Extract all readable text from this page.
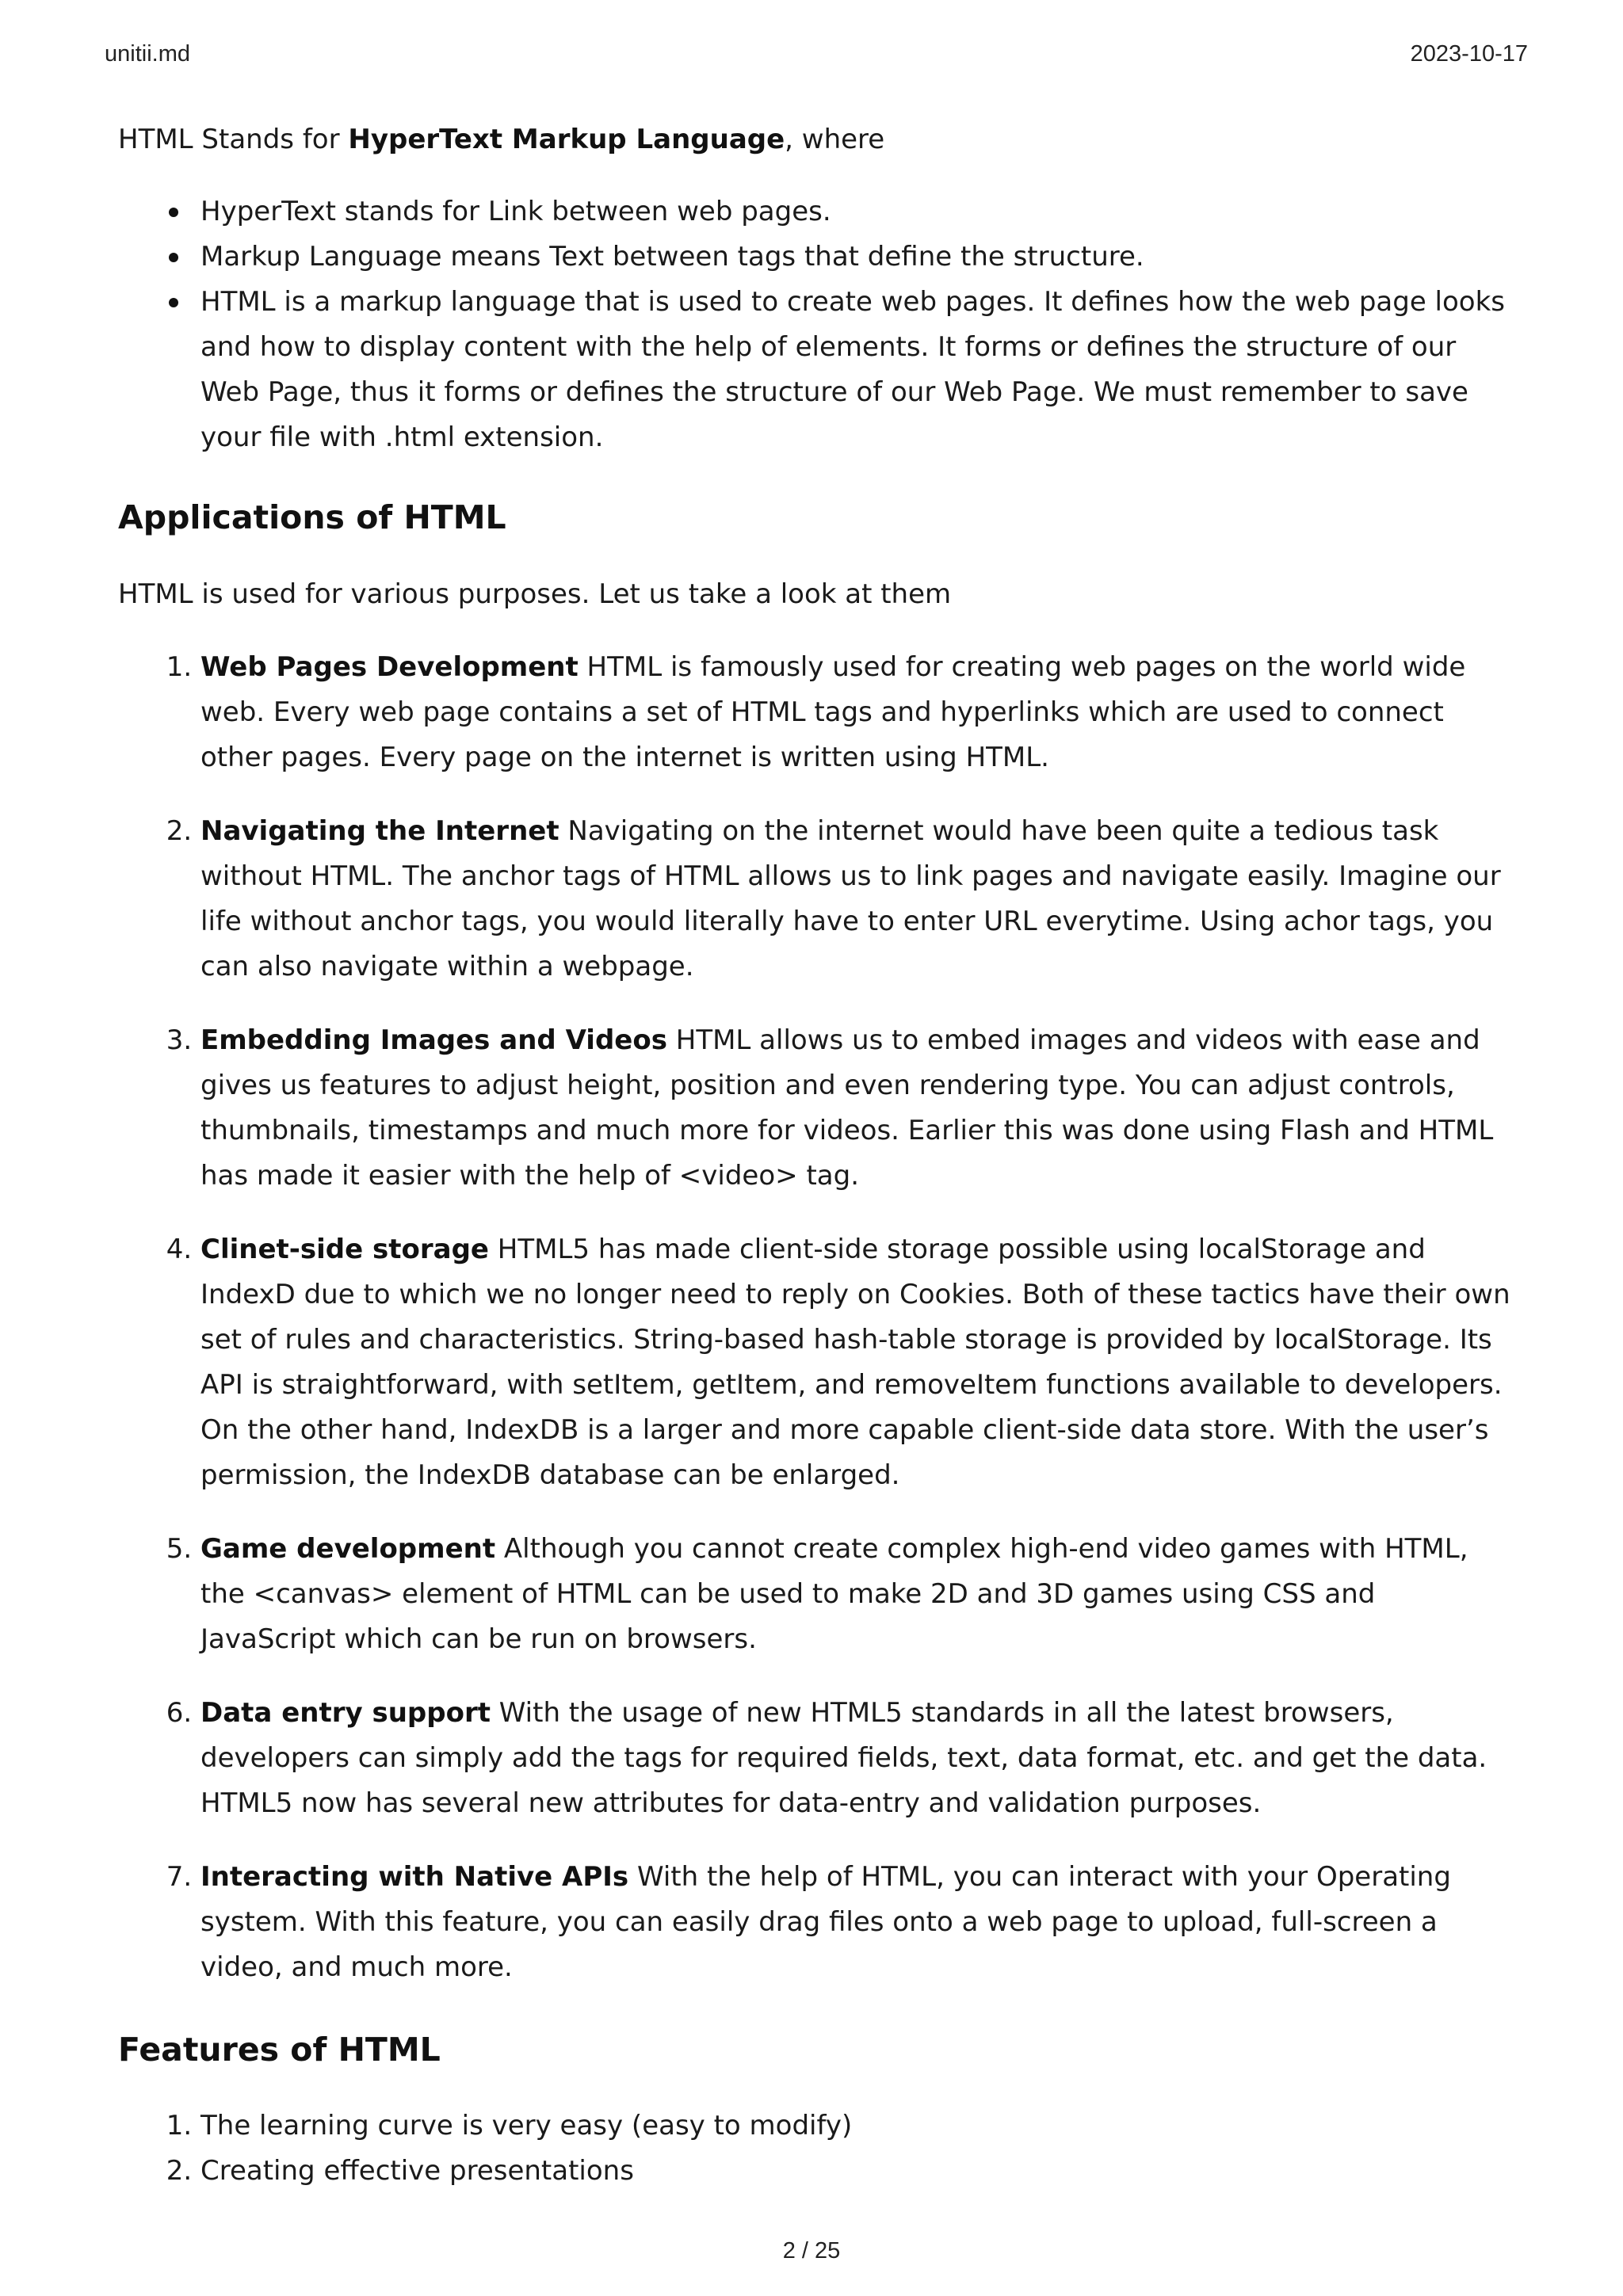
unitii.md	2023-10-17

HTML Stands for HyperText Markup Language, where

HyperText stands for Link between web pages.
Markup Language means Text between tags that define the structure.
HTML is a markup language that is used to create web pages. It defines how the web page looks and how to display content with the help of elements. It forms or defines the structure of our Web Page, thus it forms or defines the structure of our Web Page. We must remember to save your file with .html extension.
Applications of HTML

HTML is used for various purposes. Let us take a look at them

1. Web Pages Development HTML is famously used for creating web pages on the world wide web. Every web page contains a set of HTML tags and hyperlinks which are used to connect other pages. Every page on the internet is written using HTML.
2. Navigating the Internet Navigating on the internet would have been quite a tedious task without HTML. The anchor tags of HTML allows us to link pages and navigate easily. Imagine our life without anchor tags, you would literally have to enter URL everytime. Using achor tags, you can also navigate within a webpage.
3. Embedding Images and Videos HTML allows us to embed images and videos with ease and gives us features to adjust height, position and even rendering type. You can adjust controls, thumbnails, timestamps and much more for videos. Earlier this was done using Flash and HTML has made it easier with the help of <video> tag.
4. Clinet-side storage HTML5 has made client-side storage possible using localStorage and IndexD due to which we no longer need to reply on Cookies. Both of these tactics have their own set of rules and characteristics. String-based hash-table storage is provided by localStorage. Its API is straightforward, with setItem, getItem, and removeItem functions available to developers. On the other hand, IndexDB is a larger and more capable client-side data store. With the user’s permission, the IndexDB database can be enlarged.
5. Game development Although you cannot create complex high-end video games with HTML, the <canvas> element of HTML can be used to make 2D and 3D games using CSS and JavaScript which can be run on browsers.
6. Data entry support With the usage of new HTML5 standards in all the latest browsers, developers can simply add the tags for required fields, text, data format, etc. and get the data. HTML5 now has several new attributes for data-entry and validation purposes.
7. Interacting with Native APIs With the help of HTML, you can interact with your Operating system. With this feature, you can easily drag files onto a web page to upload, full-screen a video, and much more.
Features of HTML
1. The learning curve is very easy (easy to modify)
2. Creating effective presentations
2 / 25
